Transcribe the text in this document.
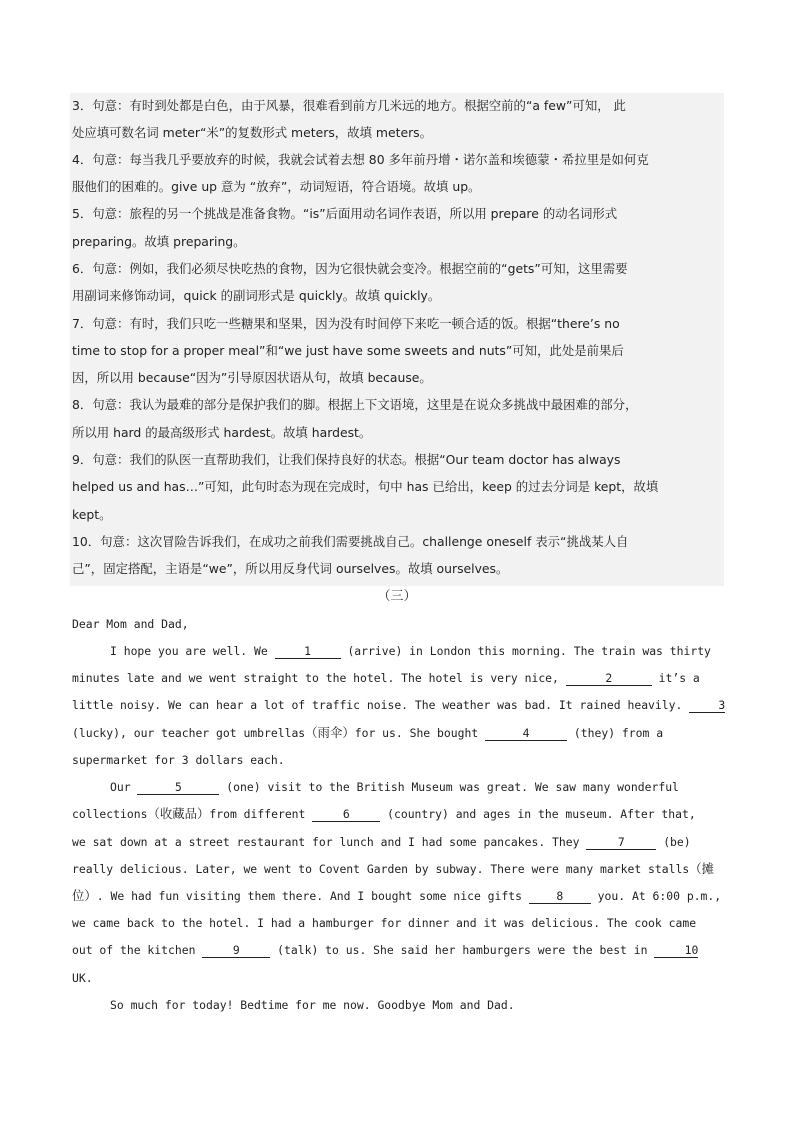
3．句意：有时到处都是白色，由于风暴，很难看到前方几米远的地方。根据空前的“a few”可知， 此
处应填可数名词 meter“米”的复数形式 meters，故填 meters。
4．句意：每当我几乎要放弃的时候，我就会试着去想 80 多年前丹增・诺尔盖和埃德蒙・希拉里是如何克
服他们的困难的。give up 意为 “放弃”，动词短语，符合语境。故填 up。
5．句意：旅程的另一个挑战是准备食物。“is”后面用动名词作表语，所以用 prepare 的动名词形式
preparing。故填 preparing。
6．句意：例如，我们必须尽快吃热的食物，因为它很快就会变冷。根据空前的“gets”可知，这里需要
用副词来修饰动词，quick 的副词形式是 quickly。故填 quickly。
7．句意：有时，我们只吃一些糖果和坚果，因为没有时间停下来吃一顿合适的饭。根据“there’s no
time to stop for a proper meal”和“we just have some sweets and nuts”可知，此处是前果后
因，所以用 because“因为”引导原因状语从句，故填 because。
8．句意：我认为最难的部分是保护我们的脚。根据上下文语境，这里是在说众多挑战中最困难的部分，
所以用 hard 的最高级形式 hardest。故填 hardest。
9．句意：我们的队医一直帮助我们，让我们保持良好的状态。根据“Our team doctor has always
helped us and has…”可知，此句时态为现在完成时，句中 has 已给出，keep 的过去分词是 kept，故填
kept。
10．句意：这次冒险告诉我们，在成功之前我们需要挑战自己。challenge oneself 表示“挑战某人自
己”，固定搭配，主语是“we”，所以用反身代词 ourselves。故填 ourselves。
（三）
Dear Mom and Dad,
I hope you are well. We	1	(arrive) in London this morning. The train was thirty
minutes late and we went straight to the hotel. The hotel is very nice,	2	it’s a
little noisy. We can hear a lot of traffic noise. The weather was bad. It rained heavily.	3
(lucky), our teacher got umbrellas（雨伞）for us. She bought	4	(they) from a
supermarket for 3 dollars each.
Our	5	(one) visit to the British Museum was great. We saw many wonderful
collections（收藏品）from different	6	(country) and ages in the museum. After that,
we sat down at a street restaurant for lunch and I had some pancakes. They	7	(be)
really delicious. Later, we went to Covent Garden by subway. There were many market stalls（摊
位）. We had fun visiting them there. And I bought some nice gifts 8 you. At 6:00 p.m.,
we came back to the hotel. I had a hamburger for dinner and it was delicious. The cook came
out of the kitchen	9	(talk) to us. She said her hamburgers were the best in	10
UK.
So much for today! Bedtime for me now. Goodbye Mom and Dad.
